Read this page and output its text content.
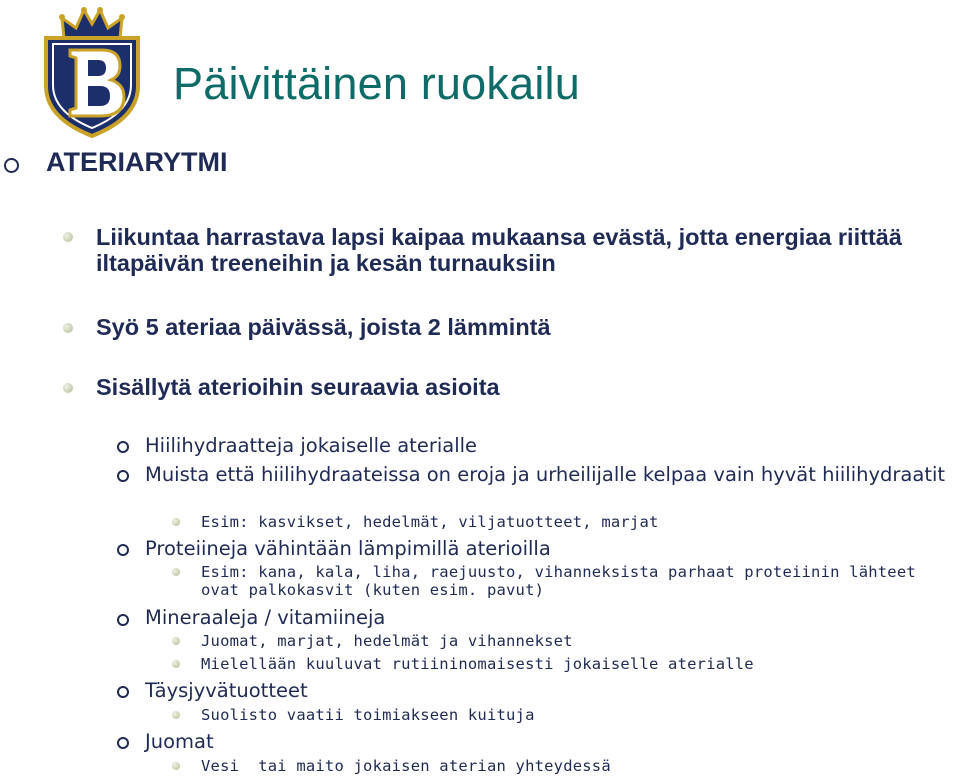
Päivittäinen ruokailu
ATERIARYTMI
Liikuntaa harrastava lapsi kaipaa mukaansa evästä, jotta energiaa riittää iltapäivän treeneihin ja kesän turnauksiin
Syö 5 ateriaa päivässä, joista 2 lämmintä
Sisällytä aterioihin seuraavia asioita
Hiilihydraatteja jokaiselle aterialle
Muista että hiilihydraateissa on eroja ja urheilijalle kelpaa vain hyvät hiilihydraatit
Esim: kasvikset, hedelmät, viljatuotteet, marjat
Proteiineja vähintään lämpimillä aterioilla
Esim: kana, kala, liha, raejuusto, vihanneksista parhaat proteiinin lähteet ovat palkokasvit (kuten esim. pavut)
Mineraaleja / vitamiineja
Juomat, marjat, hedelmät ja vihannekset
Mielellään kuuluvat rutiininomaisesti jokaiselle aterialle
Täysjyvätuotteet
Suolisto vaatii toimiakseen kuituja
Juomat
Vesi  tai maito jokaisen aterian yhteydessä
